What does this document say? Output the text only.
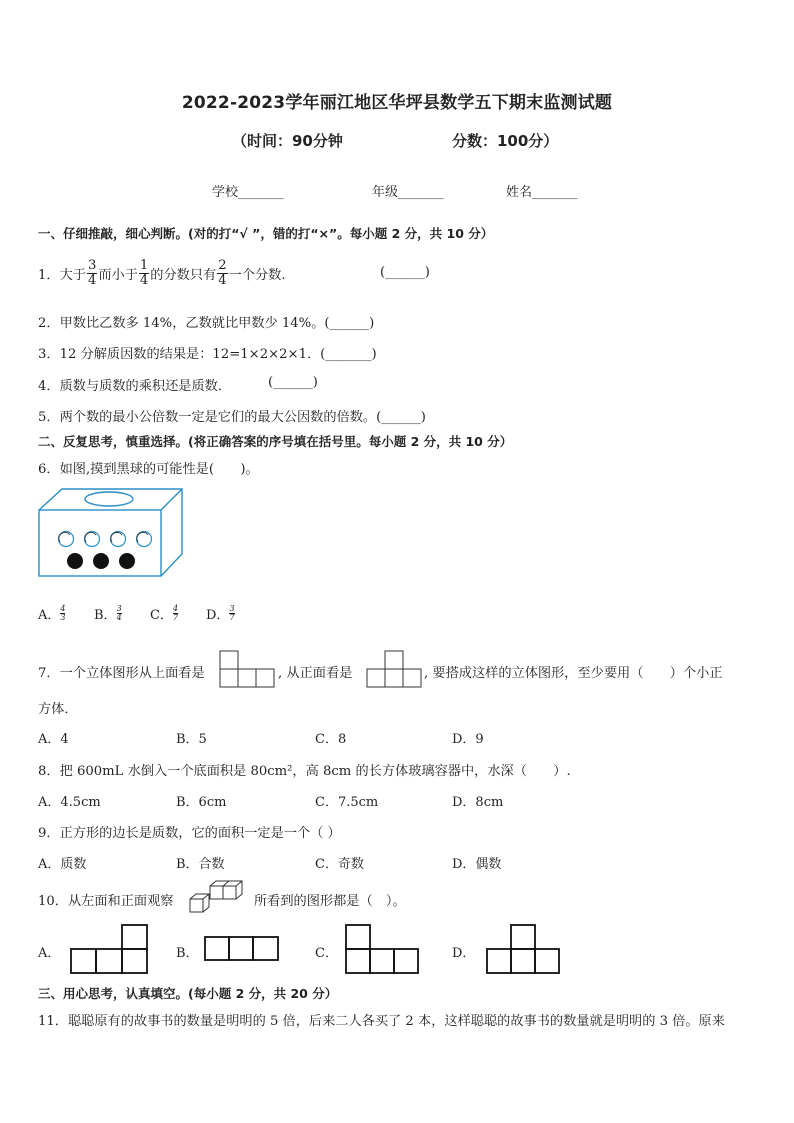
2022-2023学年丽江地区华坪县数学五下期末监测试题
（时间：90分钟	分数：100分）
学校_______	年级_______	姓名_______
一、仔细推敲，细心判断。(对的打“√ ”，错的打“×”。每小题 2 分，共 10 分）
1．大于 $\frac{3}{4}$ 而小于 $\frac{1}{4}$ 的分数只有 $\frac{2}{4}$ 一个分数.	(______)
2．甲数比乙数多 14%，乙数就比甲数少 14%。(______)
3．12 分解质因数的结果是：12=1×2×2×1．(_______)
4．质数与质数的乘积还是质数．	(______)
5．两个数的最小公倍数一定是它们的最大公因数的倍数。(______)
二、反复思考，慎重选择。(将正确答案的序号填在括号里。每小题 2 分，共 10 分）
6．如图,摸到黑球的可能性是(　　)。
A． 4
3 B． 3
4 C． 4
7 D． 3
7
7．一个立体图形从上面看是	, 从正面看是	, 要搭成这样的立体图形，至少要用（　　）个小正
方体．
A．4	B．5	C．8	D．9
8．把 600mL 水倒入一个底面积是 80cm²，高 8cm 的长方体玻璃容器中，水深（　　）.
A．4.5cm	B．6cm	C．7.5cm	D．8cm
9．正方形的边长是质数，它的面积一定是一个（ ）
A．质数	B．合数	C．奇数	D．偶数
10．从左面和正面观察	所看到的图形都是（　）。
A．	B．	C．	D．
三、用心思考，认真填空。(每小题 2 分，共 20 分）
11．聪聪原有的故事书的数量是明明的 5 倍，后来二人各买了 2 本，这样聪聪的故事书的数量就是明明的 3 倍。原来
